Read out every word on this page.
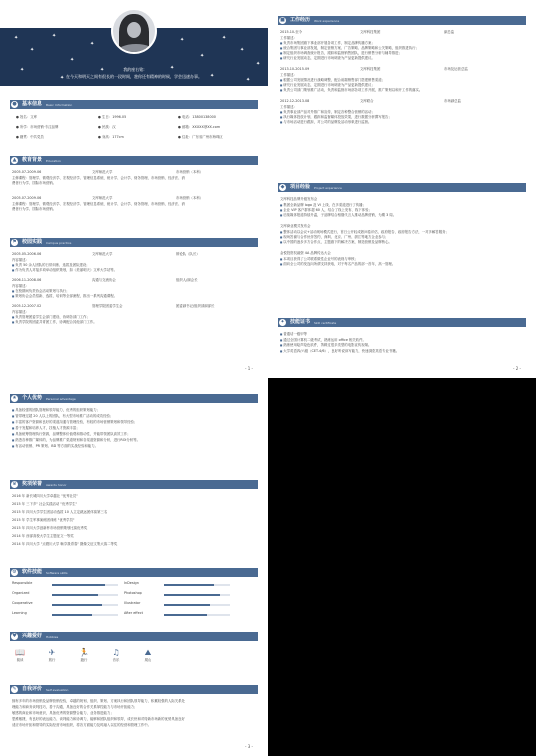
✦
✦
✦
✦
✦
✦
✦
✦
✦
✦
✦
✦	✦
✦
✦	✦
我的座右铭:
在今天和明天之间有很长的一段时间，趁你还有精神的时候，学会迅速办事。
● 基本信息 Basic Information
▲	教育背景 Education
⚑ 校园实践 Campus practice
- 1 -
● 姓名：文库	● 生日：1996.05	● 电话：13800138000
● 所学：市场营销·专注品牌	● 民族：汉	● 邮箱：XXXXX@XX.com
● 籍贯：中共党员	● 身高：177cm	● 住址：广东省广州市海珠区
2005.07-2009.06	文库师范大学	市场营销（本科）
主修课程：管理学、微观经济学、宏观经济学、管理信息系统、统计学、会计学、财务管理、市场营销、经济法、消
费者行为学、国际市场营销。
2005.07-2009.06	文库师范大学	市场营销（本科）
主修课程：管理学、微观经济学、宏观经济学、管理信息系统、统计学、会计学、财务管理、市场营销、经济法、消
费者行为学、国际市场营销。
2005.05-2006.06	文库师范大学	辩论队（队长）
内容描述：
■ 负责 50 余人团队的日常训练、选拔及团队建设；
■ 作为负责人对接多项举动组织策划，如《美丽明天》文库大学站等。
2006.11-2008.06	沟通与交流协会	组织人/副会长
内容描述：
■ 在校期间负责协会活动策划与执行；
■ 策划协会会员招新、选拔、培训等全部流程，推出一系列沟通课程。
2005.12-2007.02	管理学院团委学生会	团委副书记/组织部副部长
内容描述：
■ 负责管理团委学生会部门建设、协调各部门工作；
■ 负责学院的团委共青团工作，协调配合其他部门工作。
■ 工作经历 Work experience
◆	项目经验 Project experience
✦ 技能证书 Skill certificate
- 2 -
2015.10-至今	文库科技集团	副总监
工作描述：
■ 负责市场集团旗下事业部开展各项工作，制定品牌传播方案；
■ 统合集团与事业部发展，制定营销方案、广告策略、品牌策略和公关策略，组织推进执行；
■ 制定组织市场调查统计报告，跟踪和监督销售团队，进行销售分析与辅导推进；
■ 研究行业发展动态，定期进行市场调查为产品更新提供建议。
2013.10-2015.09	文库科技集团	市场及运营总监
工作描述：
■ 根据公司发展情况进行战略调整，配合前端销售部门搭建销售渠道；
■ 研究行业发展动态，定期进行市场调查为产品更新提供建议；
■ 负责公司部门策划推广活动，负责和监督市场部各项工作开展，推广策划以和开工作的落实。
2012.12-2013.08	文库联合	市场副总监
工作描述：
■ 负责事业部产品对外推广和宣传，制定各种整合营销的活动；
■ 执行媒体投放计划，跟踪和监督媒体投放效果，进行数据分析撰写报告；
■ 与市场活动进行跟踪，对公司的品牌及活动形象进行监督。
文库科技品牌升级发布会
■ 集团全新品牌 logo 及 VI 上线，在多渠道进行了传播；
■ 企业 VIP 客户群体超 60 人，结合了线上发布、线下体验；
■ 后续媒体报道持续升温，子品牌结合相继代言人推动品牌营销，为期 3 周。
文库商业模式发布会
■ 整体活动以会议+活动现场模式进行，首日公开轻成熟问卷评估，政府报告、政府报告方法，一对多解答服务；
■ 现场答谢与合作伙伴签约，深圳、北京、广州、浙江等地方企业参与；
■ 以中国的逐步多方合作点，主题旗下的解决方案，制造营销及品牌核心。
金悦投资权融资 4A 品牌传达大会
■ 本项目获得了公司联系做性企业号的表现与审核；
■ 面向全公司的发连向所谓支持获取，对于每名产品的部一首年，高一管理。
■ 普通话一级甲等
■ 通过全国计算机二级考试，熟练运用 office 相关软件。
■ 熟练使用绘声绘色软件，剪辑过很多类型的电影宣传视频。
■ 大学英语四/六级（CET-4/6），良好听说读写能力，快速浏览英语专业书籍。
★ 个人优势 Personal advantage
♛ 奖项荣誉 Awards honor
⚙ 软件技能 Software skills
♥ 兴趣爱好 Hobbies
✎ 自我评价 Self evaluation
- 3 -
■ 具备较强的团队管理和领导能力，优秀的组织策划能力；
■ 管带理过超 20 人以上的团队，有大型市场推广活动的成功经验；
■ 丰富的客户资源和良好的渠道沟通与管理经验，有较的市场营销策划和领导经验；
■ 善于发掘和培养人才，扶植人才资源丰富；
■ 具备统筹管理执行资源，品牌整体价值观和推动性，并能带领团队高效工作；
■ 熟悉各种推广媒体的，为品牌推广渠道规划和各渠道资源和分析，进行ROI分析等。
■ 有活动营销、PR 策划、BD 等方面的实战经验和能力。
2016 年 新长城四川大学卓越社 "优秀社员"
2015 年 三下乡" 社会实践活动 "优秀学生"
2015 年 四川大学学生团活动选拔 10 人立定跳远团体赛第三名
2015 年 学生军事演练团训练 "优秀学员"
2015 年 四川大学创新杯市场营销策划比赛优秀奖
2014 年 西部高校大学生主题征文一等奖
2014 年 四川大学 "点燃川大学 畅享我青春" 摄像文征文集大赛二等奖
Responsible	InDesign
Organized	Photoshop
Cooperative	Illustrator
Learning	After effect
📖
阅读
✈
旅行
🏃
跑行
♫
音乐
⛰
爬山
拥有多年的市场营销及品牌营销经验，卓越的规划、组织、策划、方案执行和团队领导能力，积累较强的人际关系处
理能力和商务谈判技巧，善于沟通，具备良好的合作关系掌控能力与市场开拓能力；
敏感的商业和市场意识，具备优秀的资源整合能力、业务推进能力；
思维敏捷，有良好的表达能力、谈判能力和协调力，能够和团队组织和领导，成长快和对待新市场新的优势具备良好
适应市场开拓和领导的实际经营市场组织，将各方面能力及时融入以往的经营和管理工作中。
